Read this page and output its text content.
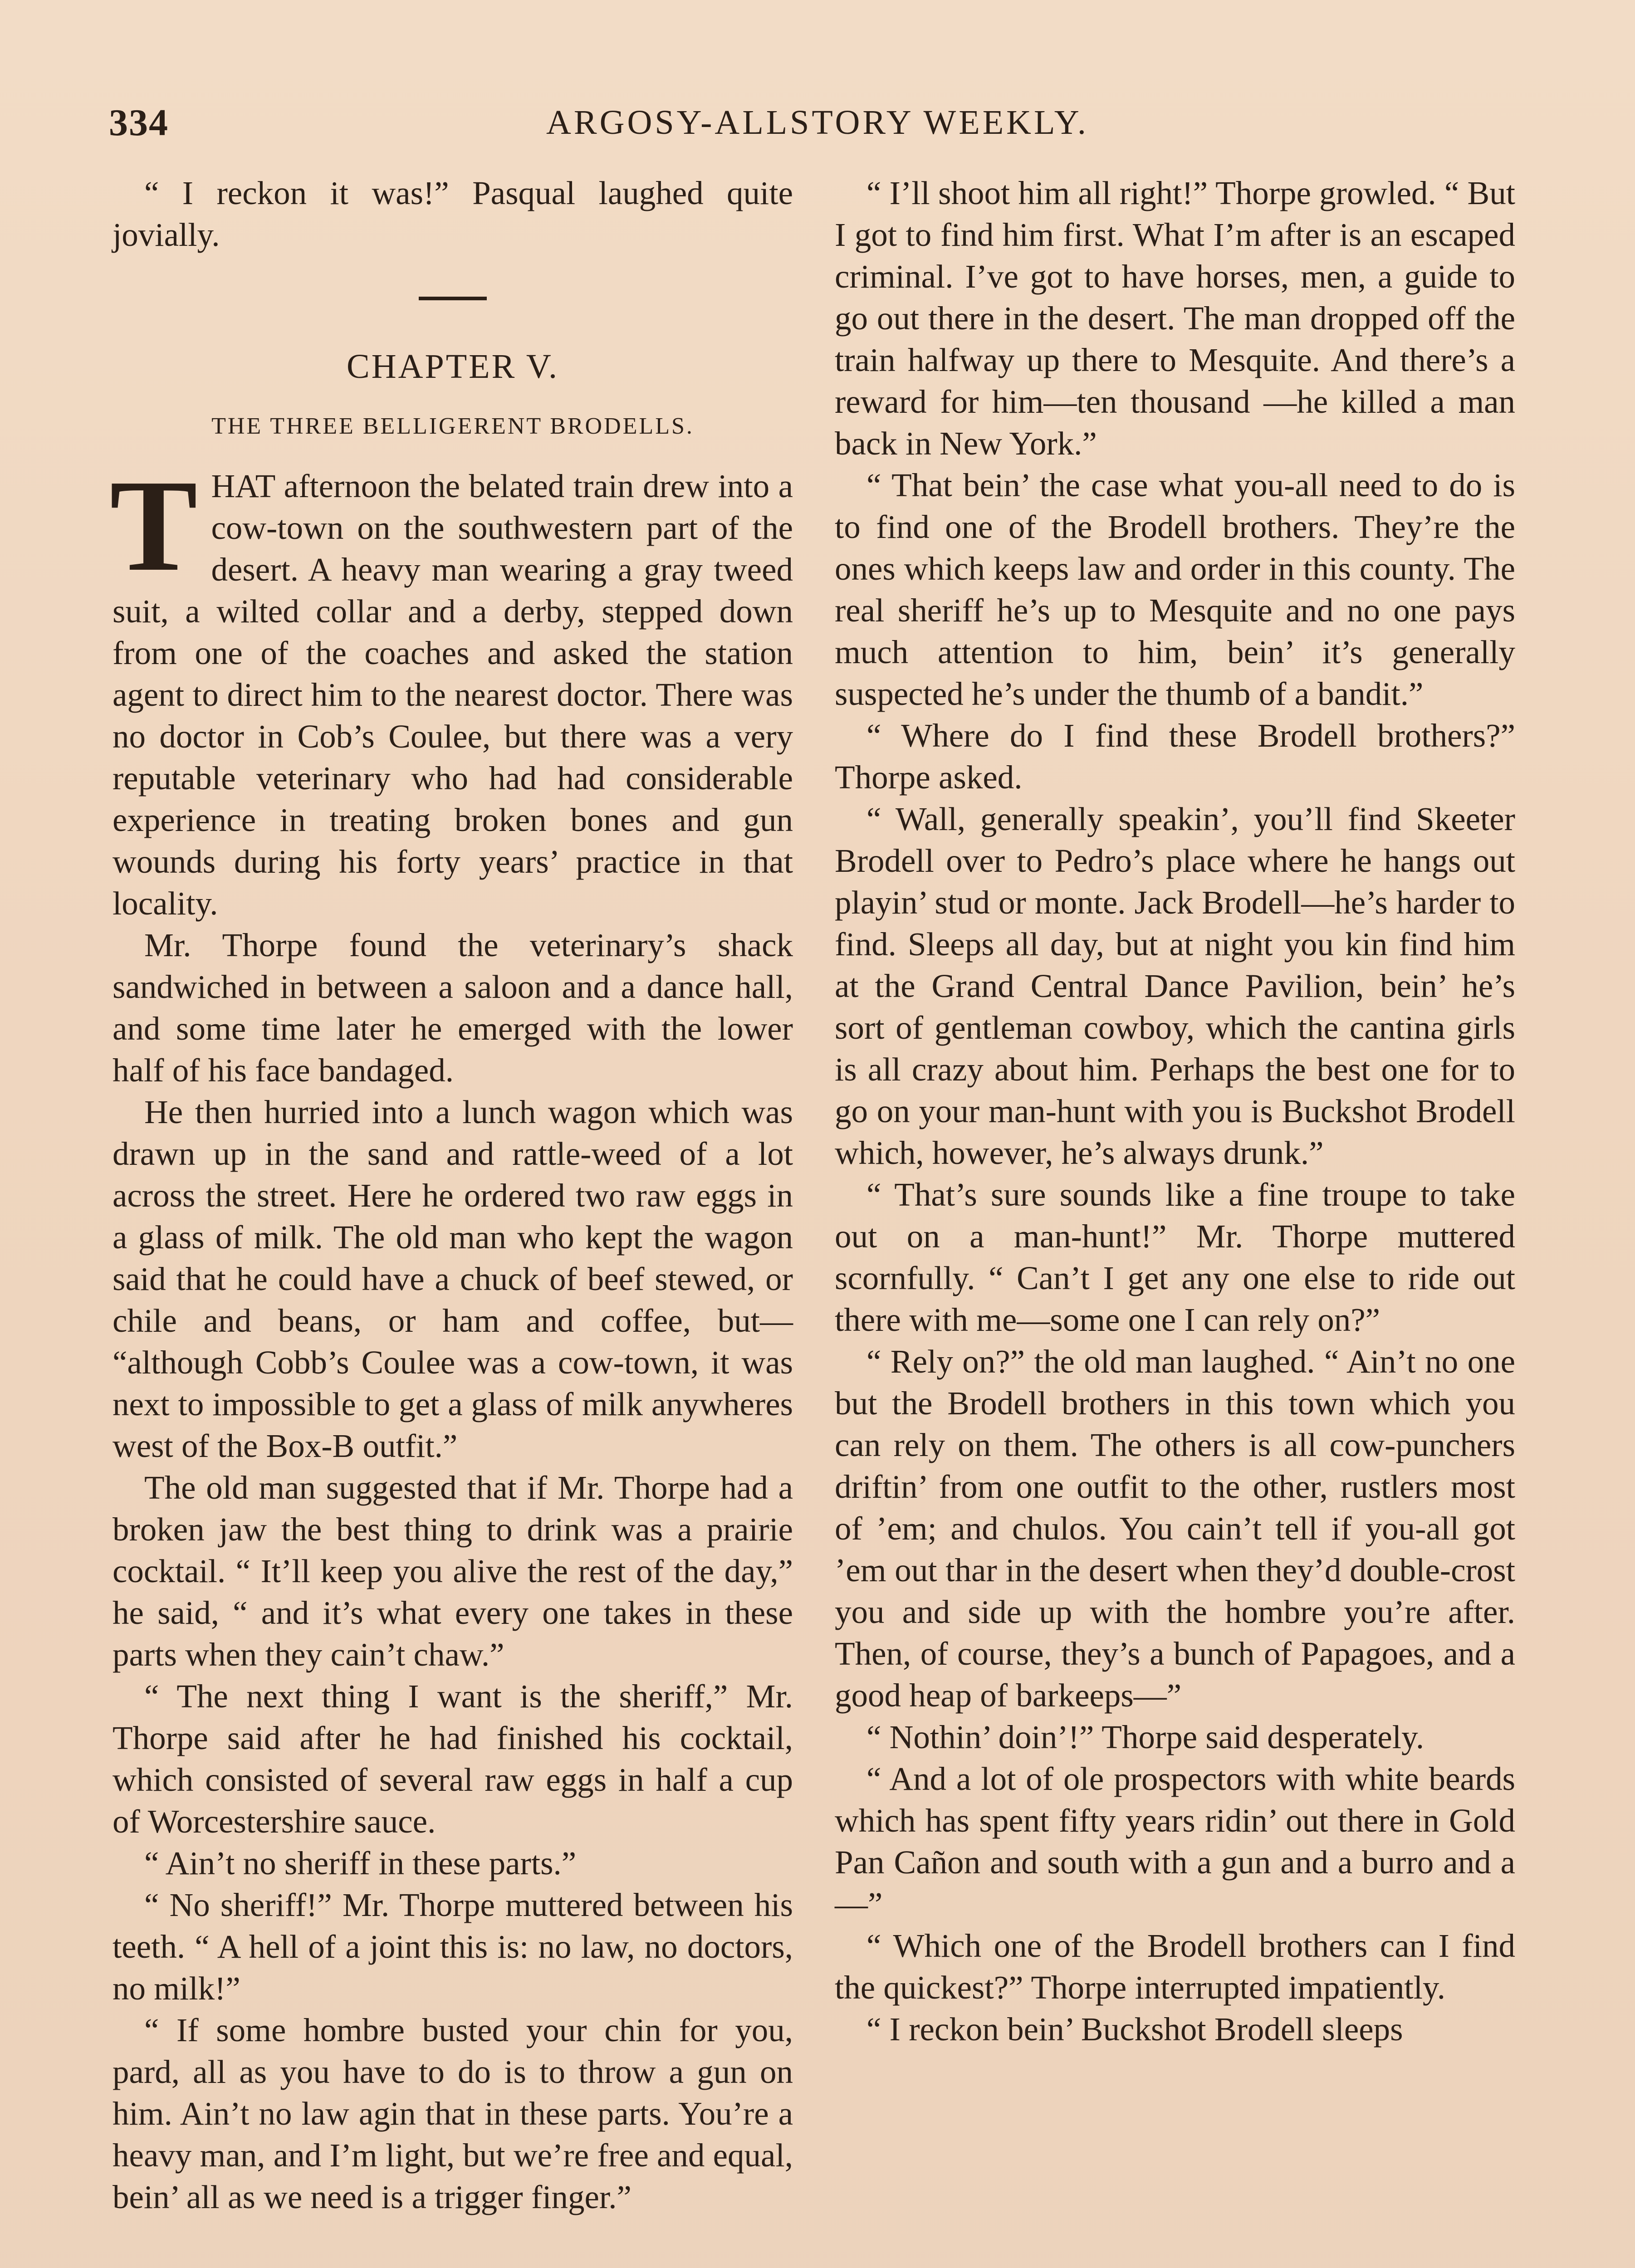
334	ARGOSY-ALLSTORY WEEKLY.

“ I reckon it was!” Pasqual laughed quite jovially.

CHAPTER V.
THE THREE BELLIGERENT BRODELLS.

THAT afternoon the belated train drew into a cow-town on the southwestern part of the desert. A heavy man wearing a gray tweed suit, a wilted collar and a derby, stepped down from one of the coaches and asked the station agent to direct him to the nearest doctor. There was no doctor in Cob’s Coulee, but there was a very reputable veterinary who had had considerable experience in treating broken bones and gun wounds during his forty years’ practice in that locality.

Mr. Thorpe found the veterinary’s shack sandwiched in between a saloon and a dance hall, and some time later he emerged with the lower half of his face bandaged.

He then hurried into a lunch wagon which was drawn up in the sand and rattle-weed of a lot across the street. Here he ordered two raw eggs in a glass of milk. The old man who kept the wagon said that he could have a chuck of beef stewed, or chile and beans, or ham and coffee, but— “although Cobb’s Coulee was a cow-town, it was next to impossible to get a glass of milk anywheres west of the Box-B outfit.”

The old man suggested that if Mr. Thorpe had a broken jaw the best thing to drink was a prairie cocktail. “ It’ll keep you alive the rest of the day,” he said, “ and it’s what every one takes in these parts when they cain’t chaw.”

“ The next thing I want is the sheriff,” Mr. Thorpe said after he had finished his cocktail, which consisted of several raw eggs in half a cup of Worcestershire sauce.

“ Ain’t no sheriff in these parts.”

“ No sheriff!” Mr. Thorpe muttered between his teeth. “ A hell of a joint this is: no law, no doctors, no milk!”

“ If some hombre busted your chin for you, pard, all as you have to do is to throw a gun on him. Ain’t no law agin that in these parts. You’re a heavy man, and I’m light, but we’re free and equal, bein’ all as we need is a trigger finger.”

“ I’ll shoot him all right!” Thorpe growled. “ But I got to find him first. What I’m after is an escaped criminal. I’ve got to have horses, men, a guide to go out there in the desert. The man dropped off the train halfway up there to Mesquite. And there’s a reward for him—ten thousand —he killed a man back in New York.”

“ That bein’ the case what you-all need to do is to find one of the Brodell brothers. They’re the ones which keeps law and order in this county. The real sheriff he’s up to Mesquite and no one pays much attention to him, bein’ it’s generally suspected he’s under the thumb of a bandit.”

“ Where do I find these Brodell brothers?” Thorpe asked.

“ Wall, generally speakin’, you’ll find Skeeter Brodell over to Pedro’s place where he hangs out playin’ stud or monte. Jack Brodell—he’s harder to find. Sleeps all day, but at night you kin find him at the Grand Central Dance Pavilion, bein’ he’s sort of gentleman cowboy, which the cantina girls is all crazy about him. Perhaps the best one for to go on your man-hunt with you is Buckshot Brodell which, however, he’s always drunk.”

“ That’s sure sounds like a fine troupe to take out on a man-hunt!” Mr. Thorpe muttered scornfully. “ Can’t I get any one else to ride out there with me—some one I can rely on?”

“ Rely on?” the old man laughed. “ Ain’t no one but the Brodell brothers in this town which you can rely on them. The others is all cow-punchers driftin’ from one outfit to the other, rustlers most of ’em; and chulos. You cain’t tell if you-all got ’em out thar in the desert when they’d double-crost you and side up with the hombre you’re after. Then, of course, they’s a bunch of Papagoes, and a good heap of barkeeps—”

“ Nothin’ doin’!” Thorpe said desperately.

“ And a lot of ole prospectors with white beards which has spent fifty years ridin’ out there in Gold Pan Cañon and south with a gun and a burro and a—”

“ Which one of the Brodell brothers can I find the quickest?” Thorpe interrupted impatiently.

“ I reckon bein’ Buckshot Brodell sleeps
